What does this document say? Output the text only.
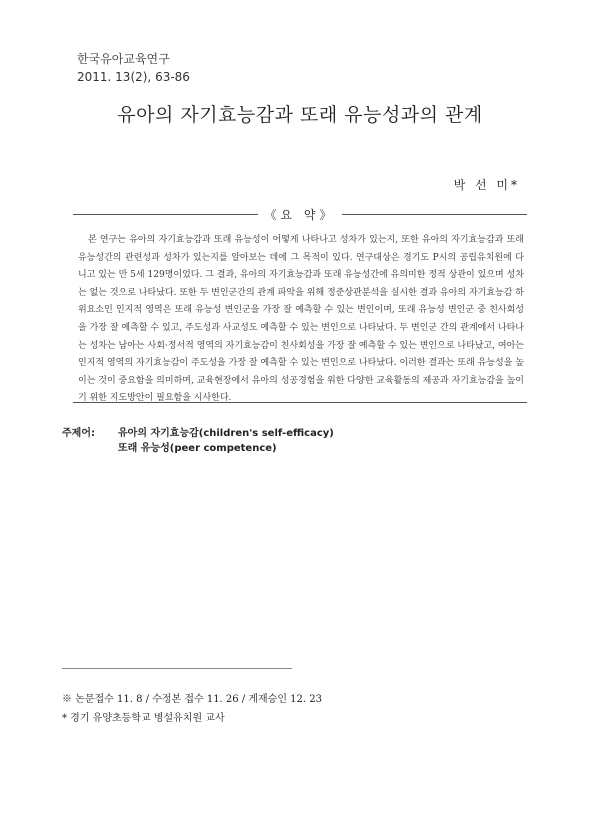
한국유아교육연구
2011. 13(2), 63-86
유아의 자기효능감과 또래 유능성과의 관계
박 선 미*
《요 약》
본 연구는 유아의 자기효능감과 또래 유능성이 어떻게 나타나고 성차가 있는지, 또한 유아의 자기효능감과 또래유능성간의 관련성과 성차가 있는지를 알아보는 데에 그 목적이 있다. 연구대상은 경기도 P시의 공립유치원에 다니고 있는 만 5세 129명이었다. 그 결과, 유아의 자기효능감과 또래 유능성간에 유의미한 정적 상관이 있으며 성차는 없는 것으로 나타났다. 또한 두 변인군간의 관계 파악을 위해 정준상관분석을 실시한 결과 유아의 자기효능감 하위요소인 인지적 영역은 또래 유능성 변인군을 가장 잘 예측할 수 있는 변인이며, 또래 유능성 변인군 중 친사회성을 가장 잘 예측할 수 있고, 주도성과 사교성도 예측할 수 있는 변인으로 나타났다. 두 변인군 간의 관계에서 나타나는 성차는 남아는 사회·정서적 영역의 자기효능감이 친사회성을 가장 잘 예측할 수 있는 변인으로 나타났고, 여아는 인지적 영역의 자기효능감이 주도성을 가장 잘 예측할 수 있는 변인으로 나타났다. 이러한 결과는 또래 유능성을 높이는 것이 중요함을 의미하며, 교육현장에서 유아의 성공경험을 위한 다양한 교육활동의 제공과 자기효능감을 높이기 위한 지도방안이 필요함을 시사한다.
주제어: 유아의 자기효능감(children's self-efficacy)
또래 유능성(peer competence)
※ 논문접수 11. 8 / 수정본 접수 11. 26 / 게재승인 12. 23
* 경기 유양초등학교 병설유치원 교사
